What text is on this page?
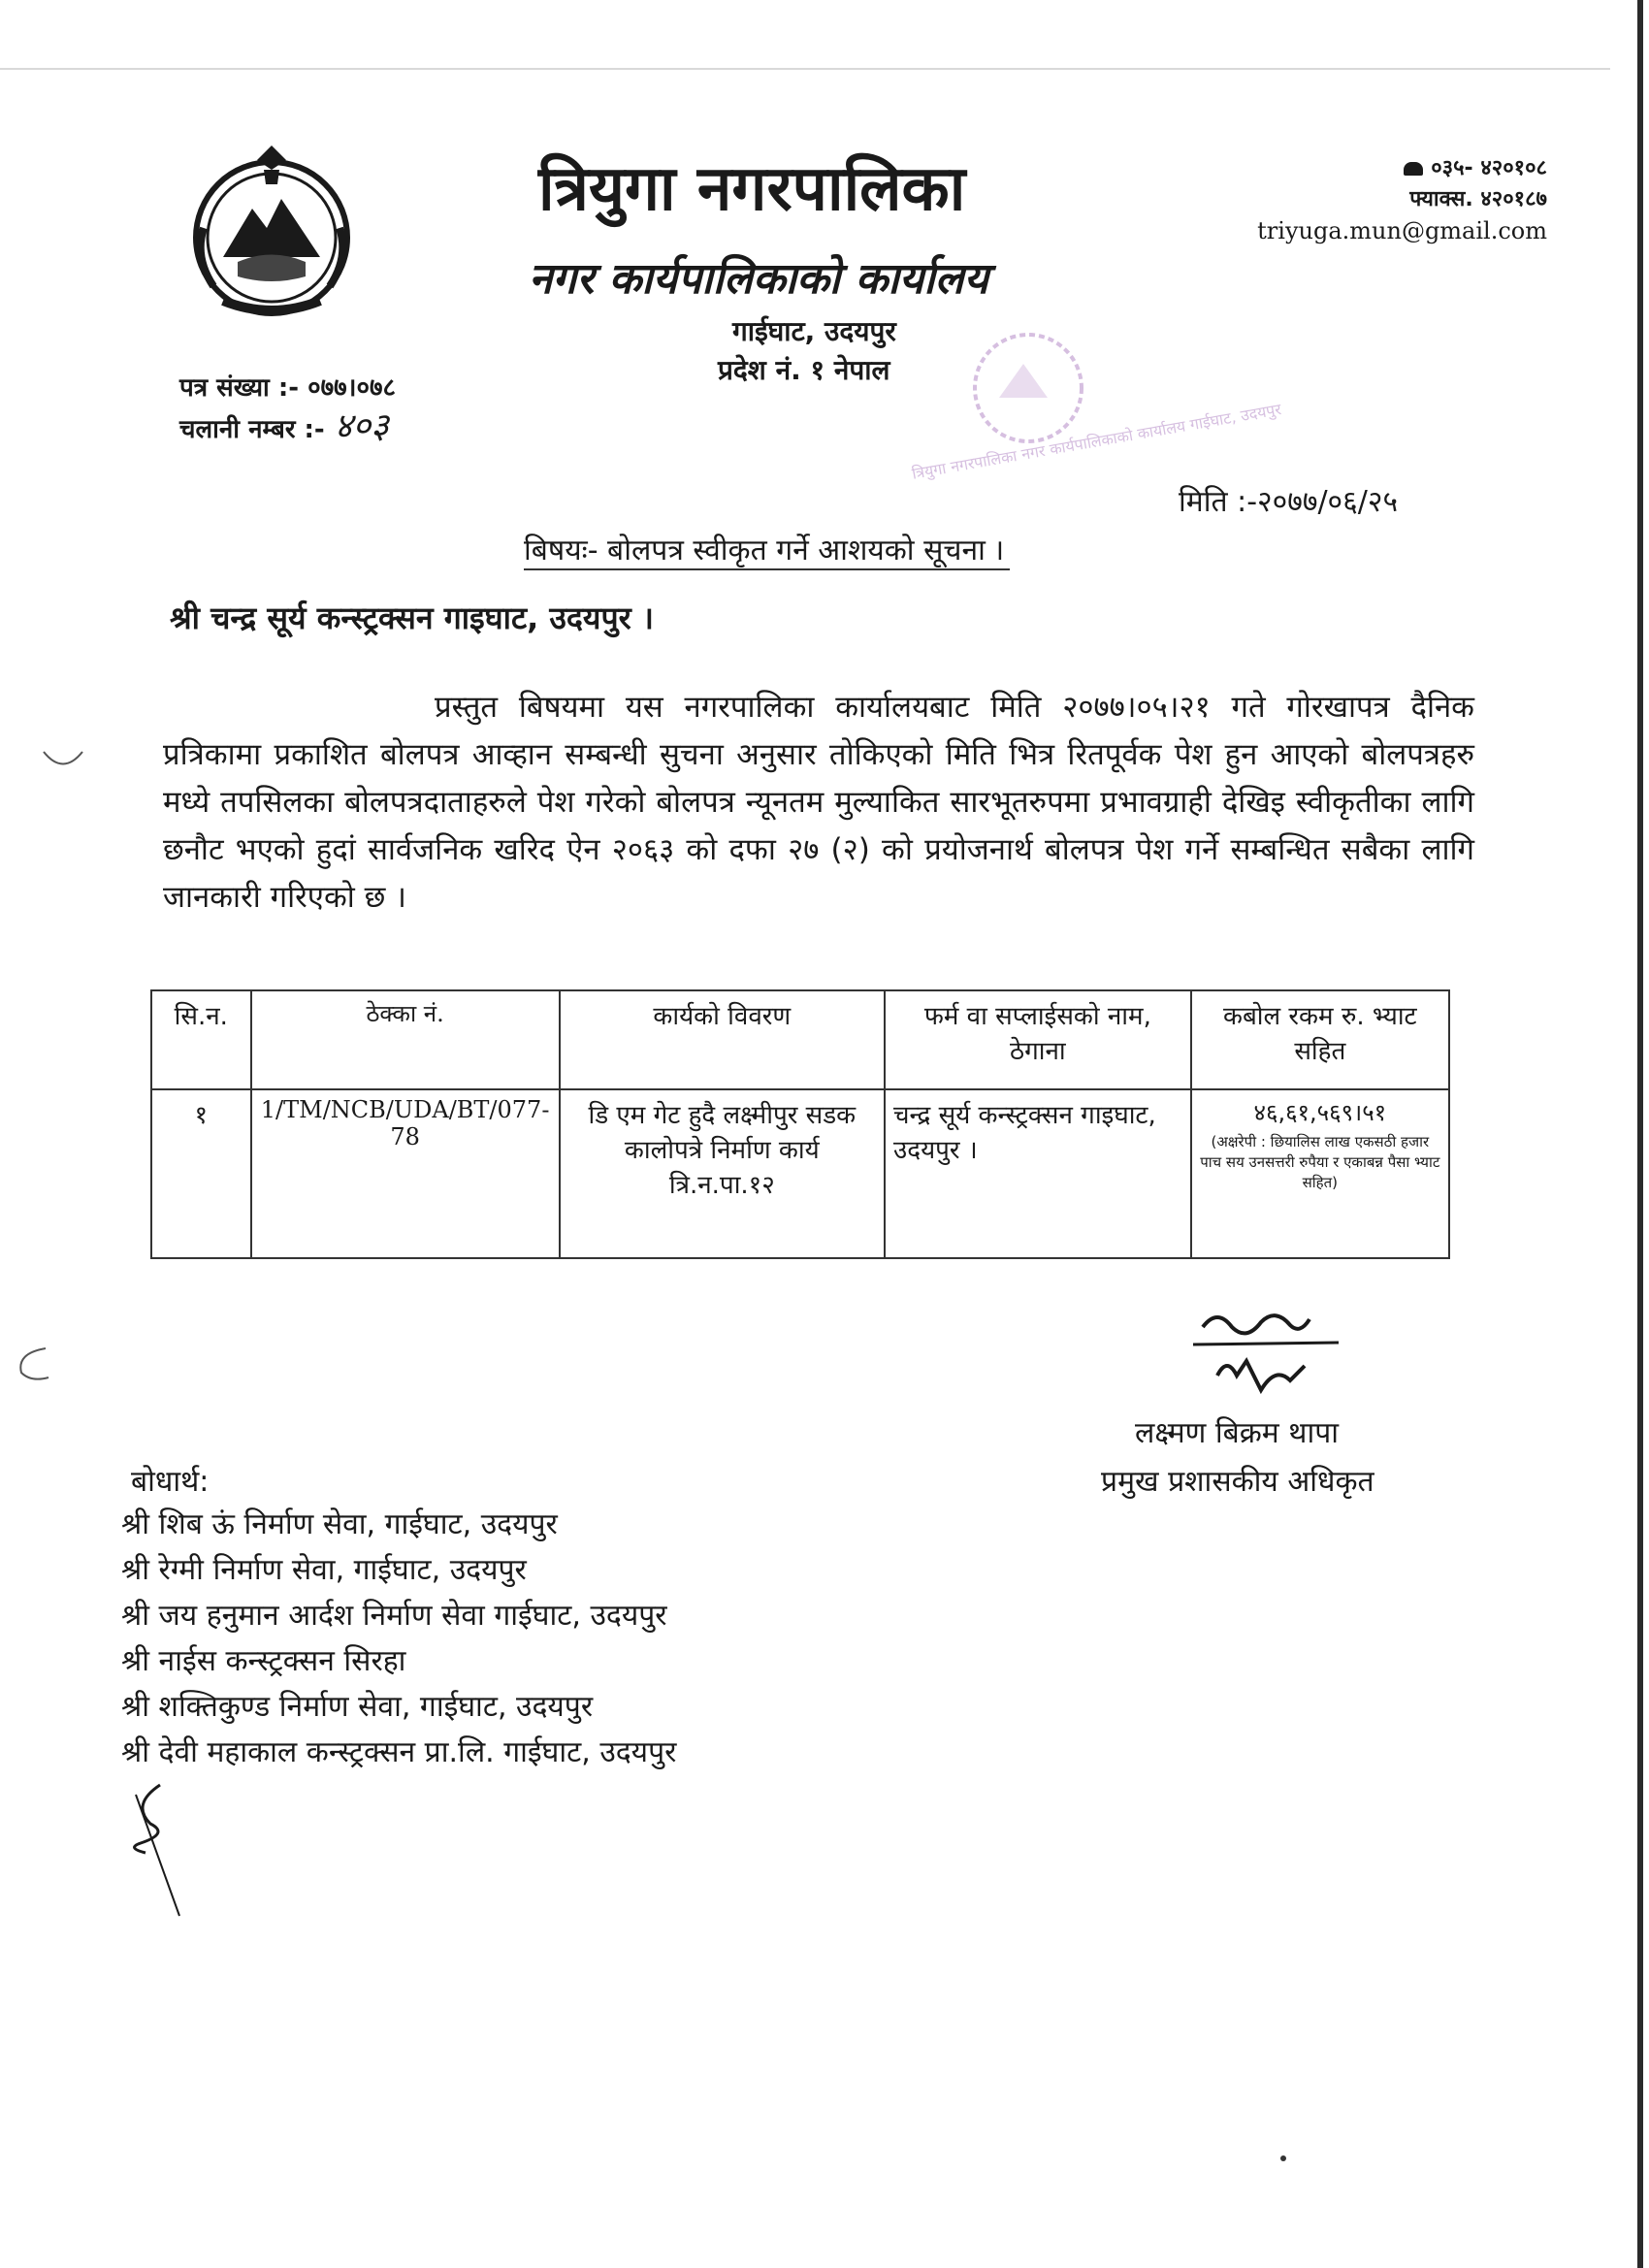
त्रियुगा नगरपालिका
नगर कार्यपालिकाको कार्यालय
गाईघाट, उदयपुर
प्रदेश नं. १ नेपाल
०३५- ४२०१०८
फ्याक्स. ४२०१८७
triyuga.mun@gmail.com
पत्र संख्या :- ०७७।०७८
चलानी नम्बर :- ४०३	त्रियुगा नगरपालिका नगर कार्यपालिकाको कार्यालय गाईघाट, उदयपुर
मिति :-२०७७/०६/२५
बिषयः- बोलपत्र स्वीकृत गर्ने आशयको सूचना ।
श्री चन्द्र सूर्य कन्स्ट्रक्सन गाइघाट, उदयपुर ।
प्रस्तुत बिषयमा यस नगरपालिका कार्यालयबाट मिति २०७७।०५।२१ गते गोरखापत्र दैनिक प्रत्रिकामा प्रकाशित बोलपत्र आव्हान सम्बन्धी सुचना अनुसार तोकिएको मिति भित्र रितपूर्वक पेश हुन आएको बोलपत्रहरु मध्ये तपसिलका बोलपत्रदाताहरुले पेश गरेको बोलपत्र न्यूनतम मुल्याकित सारभूतरुपमा प्रभावग्राही देखिइ स्वीकृतीका लागि छनौट भएको हुदां सार्वजनिक खरिद ऐन २०६३ को दफा २७ (२) को प्रयोजनार्थ बोलपत्र पेश गर्ने सम्बन्धित सबैका लागि जानकारी गरिएको छ ।
सि.न.	ठेक्का नं.	कार्यको विवरण	फर्म वा सप्लाईसको नाम, ठेगाना	कबोल रकम रु. भ्याट सहित
१	1/TM/NCB/UDA/BT/077-78	डि एम गेट हुदै लक्ष्मीपुर सडक कालोपत्रे निर्माण कार्य त्रि.न.पा.१२	चन्द्र सूर्य कन्स्ट्रक्सन गाइघाट, उदयपुर ।	४६,६१,५६९।५१
(अक्षरेपी : छियालिस लाख एकसठी हजार पाच सय उनसत्तरी रुपैया र एकाबन्न पैसा भ्याट सहित)
लक्ष्मण बिक्रम थापा
प्रमुख प्रशासकीय अधिकृत
बोधार्थ:
श्री शिब ऊं निर्माण सेवा, गाईघाट, उदयपुर
श्री रेग्मी निर्माण सेवा, गाईघाट, उदयपुर
श्री जय हनुमान आर्दश निर्माण सेवा गाईघाट, उदयपुर
श्री नाईस कन्स्ट्रक्सन सिरहा
श्री शक्तिकुण्ड निर्माण सेवा, गाईघाट, उदयपुर
श्री देवी महाकाल कन्स्ट्रक्सन प्रा.लि. गाईघाट, उदयपुर
